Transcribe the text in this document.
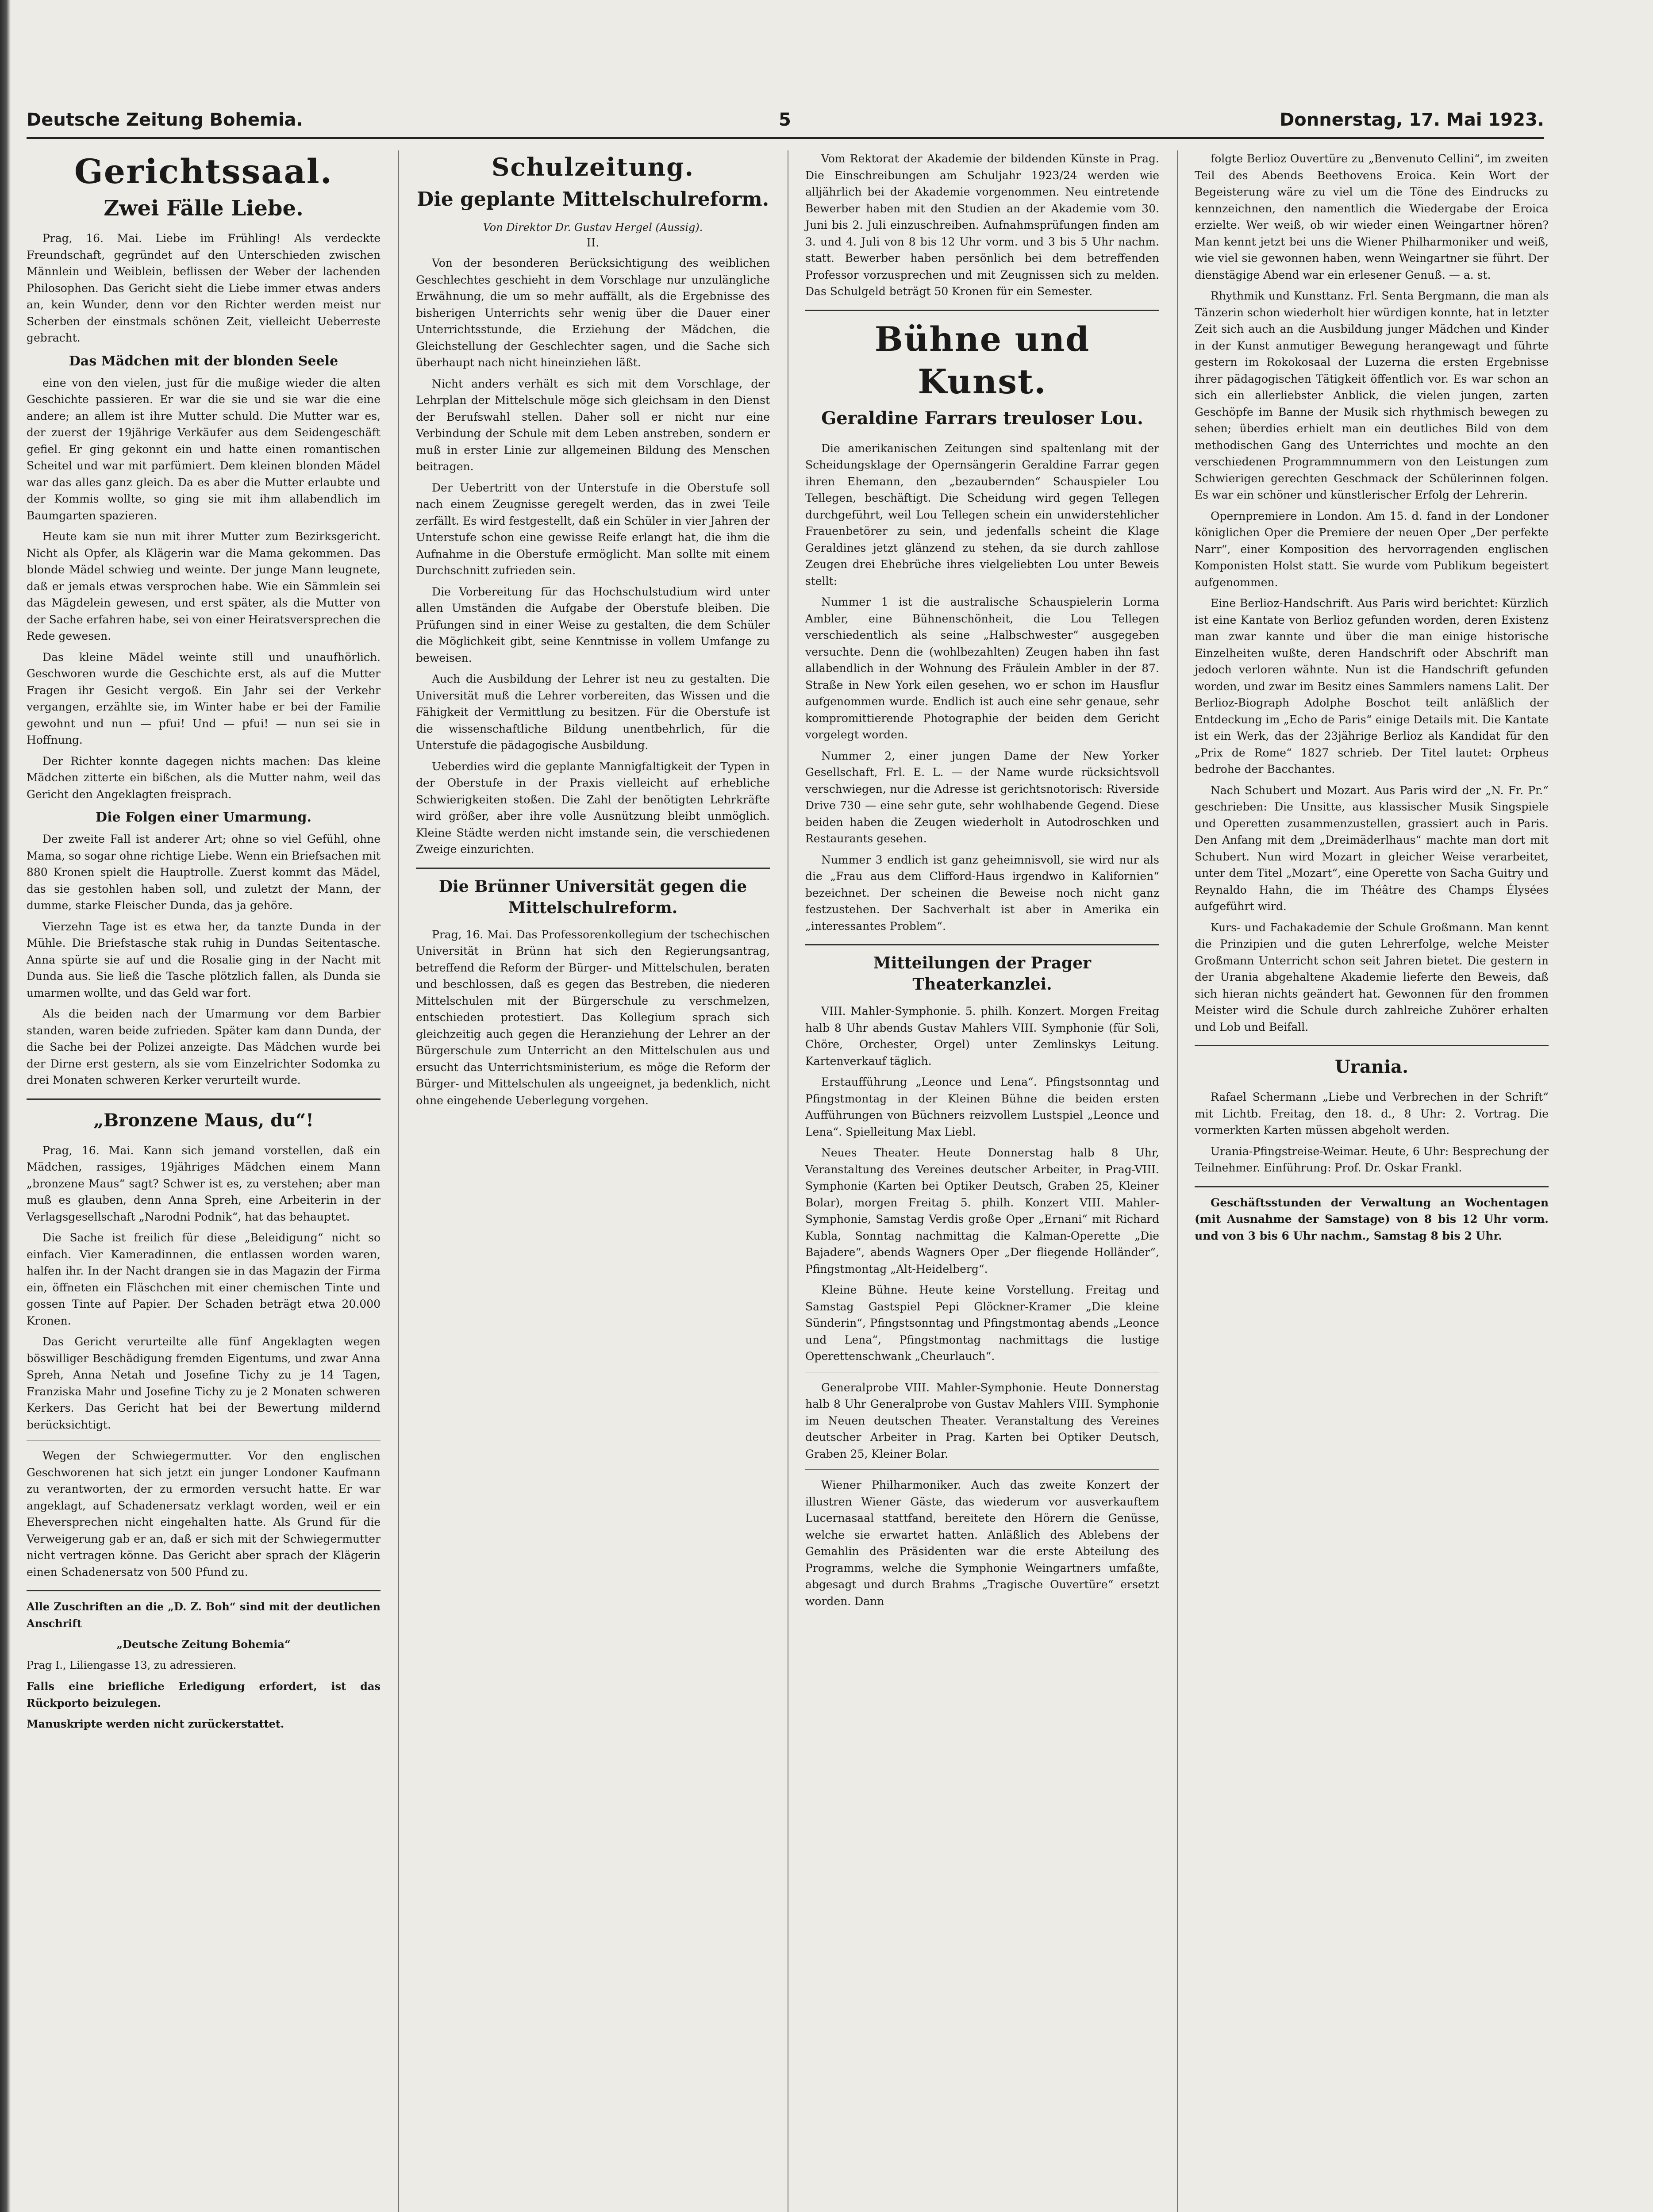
Deutsche Zeitung Bohemia.	5	Donnerstag, 17. Mai 1923.
Gerichtssaal.
Zwei Fälle Liebe.

Prag, 16. Mai. Liebe im Frühling! Als verdeckte Freundschaft, gegründet auf den Unterschieden zwischen Männlein und Weiblein, beflissen der Weber der lachenden Philosophen. Das Gericht sieht die Liebe immer etwas anders an, kein Wunder, denn vor den Richter werden meist nur Scherben der einstmals schönen Zeit, vielleicht Ueberreste gebracht.

Das Mädchen mit der blonden Seele

eine von den vielen, just für die mußige wieder die alten Geschichte passieren. Er war die sie und sie war die eine andere; an allem ist ihre Mutter schuld. Die Mutter war es, der zuerst der 19jährige Verkäufer aus dem Seidengeschäft gefiel. Er ging gekonnt ein und hatte einen romantischen Scheitel und war mit parfümiert. Dem kleinen blonden Mädel war das alles ganz gleich. Da es aber die Mutter erlaubte und der Kommis wollte, so ging sie mit ihm allabendlich im Baumgarten spazieren.

Heute kam sie nun mit ihrer Mutter zum Bezirksgericht. Nicht als Opfer, als Klägerin war die Mama gekommen. Das blonde Mädel schwieg und weinte. Der junge Mann leugnete, daß er jemals etwas versprochen habe. Wie ein Sämmlein sei das Mägdelein gewesen, und erst später, als die Mutter von der Sache erfahren habe, sei von einer Heiratsversprechen die Rede gewesen.

Das kleine Mädel weinte still und unaufhörlich. Geschworen wurde die Geschichte erst, als auf die Mutter Fragen ihr Gesicht vergoß. Ein Jahr sei der Verkehr vergangen, erzählte sie, im Winter habe er bei der Familie gewohnt und nun — pfui! Und — pfui! — nun sei sie in Hoffnung.

Der Richter konnte dagegen nichts machen: Das kleine Mädchen zitterte ein bißchen, als die Mutter nahm, weil das Gericht den Angeklagten freisprach.

Die Folgen einer Umarmung.

Der zweite Fall ist anderer Art; ohne so viel Gefühl, ohne Mama, so sogar ohne richtige Liebe. Wenn ein Briefsachen mit 880 Kronen spielt die Hauptrolle. Zuerst kommt das Mädel, das sie gestohlen haben soll, und zuletzt der Mann, der dumme, starke Fleischer Dunda, das ja gehöre.

Vierzehn Tage ist es etwa her, da tanzte Dunda in der Mühle. Die Briefstasche stak ruhig in Dundas Seitentasche. Anna spürte sie auf und die Rosalie ging in der Nacht mit Dunda aus. Sie ließ die Tasche plötzlich fallen, als Dunda sie umarmen wollte, und das Geld war fort.

Als die beiden nach der Umarmung vor dem Barbier standen, waren beide zufrieden. Später kam dann Dunda, der die Sache bei der Polizei anzeigte. Das Mädchen wurde bei der Dirne erst gestern, als sie vom Einzelrichter Sodomka zu drei Monaten schweren Kerker verurteilt wurde.

„Bronzene Maus, du“!

Prag, 16. Mai. Kann sich jemand vorstellen, daß ein Mädchen, rassiges, 19jähriges Mädchen einem Mann „bronzene Maus“ sagt? Schwer ist es, zu verstehen; aber man muß es glauben, denn Anna Spreh, eine Arbeiterin in der Verlagsgesellschaft „Narodni Podnik“, hat das behauptet.

Die Sache ist freilich für diese „Beleidigung“ nicht so einfach. Vier Kameradinnen, die entlassen worden waren, halfen ihr. In der Nacht drangen sie in das Magazin der Firma ein, öffneten ein Fläschchen mit einer chemischen Tinte und gossen Tinte auf Papier. Der Schaden beträgt etwa 20.000 Kronen.

Das Gericht verurteilte alle fünf Angeklagten wegen böswilliger Beschädigung fremden Eigentums, und zwar Anna Spreh, Anna Netah und Josefine Tichy zu je 14 Tagen, Franziska Mahr und Josefine Tichy zu je 2 Monaten schweren Kerkers. Das Gericht hat bei der Bewertung mildernd berücksichtigt.

Wegen der Schwiegermutter. Vor den englischen Geschworenen hat sich jetzt ein junger Londoner Kaufmann zu verantworten, der zu ermorden versucht hatte. Er war angeklagt, auf Schadenersatz verklagt worden, weil er ein Eheversprechen nicht eingehalten hatte. Als Grund für die Verweigerung gab er an, daß er sich mit der Schwiegermutter nicht vertragen könne. Das Gericht aber sprach der Klägerin einen Schadenersatz von 500 Pfund zu.

Alle Zuschriften an die „D. Z. Boh“ sind mit der deutlichen Anschrift

„Deutsche Zeitung Bohemia“

Prag I., Liliengasse 13, zu adressieren.

Falls eine briefliche Erledigung erfordert, ist das Rückporto beizulegen.

Manuskripte werden nicht zurückerstattet.

Schulzeitung.
Die geplante Mittelschulreform.
Von Direktor Dr. Gustav Hergel (Aussig).
II.

Von der besonderen Berücksichtigung des weiblichen Geschlechtes geschieht in dem Vorschlage nur unzulängliche Erwähnung, die um so mehr auffällt, als die Ergebnisse des bisherigen Unterrichts sehr wenig über die Dauer einer Unterrichtsstunde, die Erziehung der Mädchen, die Gleichstellung der Geschlechter sagen, und die Sache sich überhaupt nach nicht hineinziehen läßt.

Nicht anders verhält es sich mit dem Vorschlage, der Lehrplan der Mittelschule möge sich gleichsam in den Dienst der Berufswahl stellen. Daher soll er nicht nur eine Verbindung der Schule mit dem Leben anstreben, sondern er muß in erster Linie zur allgemeinen Bildung des Menschen beitragen.

Der Uebertritt von der Unterstufe in die Oberstufe soll nach einem Zeugnisse geregelt werden, das in zwei Teile zerfällt. Es wird festgestellt, daß ein Schüler in vier Jahren der Unterstufe schon eine gewisse Reife erlangt hat, die ihm die Aufnahme in die Oberstufe ermöglicht. Man sollte mit einem Durchschnitt zufrieden sein.

Die Vorbereitung für das Hochschulstudium wird unter allen Umständen die Aufgabe der Oberstufe bleiben. Die Prüfungen sind in einer Weise zu gestalten, die dem Schüler die Möglichkeit gibt, seine Kenntnisse in vollem Umfange zu beweisen.

Auch die Ausbildung der Lehrer ist neu zu gestalten. Die Universität muß die Lehrer vorbereiten, das Wissen und die Fähigkeit der Vermittlung zu besitzen. Für die Oberstufe ist die wissenschaftliche Bildung unentbehrlich, für die Unterstufe die pädagogische Ausbildung.

Ueberdies wird die geplante Mannigfaltigkeit der Typen in der Oberstufe in der Praxis vielleicht auf erhebliche Schwierigkeiten stoßen. Die Zahl der benötigten Lehrkräfte wird größer, aber ihre volle Ausnützung bleibt unmöglich. Kleine Städte werden nicht imstande sein, die verschiedenen Zweige einzurichten.

Die Brünner Universität gegen die Mittelschulreform.

Prag, 16. Mai. Das Professorenkollegium der tschechischen Universität in Brünn hat sich den Regierungsantrag, betreffend die Reform der Bürger- und Mittelschulen, beraten und beschlossen, daß es gegen das Bestreben, die niederen Mittelschulen mit der Bürgerschule zu verschmelzen, entschieden protestiert. Das Kollegium sprach sich gleichzeitig auch gegen die Heranziehung der Lehrer an der Bürgerschule zum Unterricht an den Mittelschulen aus und ersucht das Unterrichtsministerium, es möge die Reform der Bürger- und Mittelschulen als ungeeignet, ja bedenklich, nicht ohne eingehende Ueberlegung vorgehen.

Vom Rektorat der Akademie der bildenden Künste in Prag. Die Einschreibungen am Schuljahr 1923/24 werden wie alljährlich bei der Akademie vorgenommen. Neu eintretende Bewerber haben mit den Studien an der Akademie vom 30. Juni bis 2. Juli einzuschreiben. Aufnahmsprüfungen finden am 3. und 4. Juli von 8 bis 12 Uhr vorm. und 3 bis 5 Uhr nachm. statt. Bewerber haben persönlich bei dem betreffenden Professor vorzusprechen und mit Zeugnissen sich zu melden. Das Schulgeld beträgt 50 Kronen für ein Semester.

Bühne und Kunst.
Geraldine Farrars treuloser Lou.

Die amerikanischen Zeitungen sind spaltenlang mit der Scheidungsklage der Opernsängerin Geraldine Farrar gegen ihren Ehemann, den „bezaubernden“ Schauspieler Lou Tellegen, beschäftigt. Die Scheidung wird gegen Tellegen durchgeführt, weil Lou Tellegen schein ein unwiderstehlicher Frauenbetörer zu sein, und jedenfalls scheint die Klage Geraldines jetzt glänzend zu stehen, da sie durch zahllose Zeugen drei Ehebrüche ihres vielgeliebten Lou unter Beweis stellt:

Nummer 1 ist die australische Schauspielerin Lorma Ambler, eine Bühnenschönheit, die Lou Tellegen verschiedentlich als seine „Halbschwester“ ausgegeben versuchte. Denn die (wohlbezahlten) Zeugen haben ihn fast allabendlich in der Wohnung des Fräulein Ambler in der 87. Straße in New York eilen gesehen, wo er schon im Hausflur aufgenommen wurde. Endlich ist auch eine sehr genaue, sehr kompromittierende Photographie der beiden dem Gericht vorgelegt worden.

Nummer 2, einer jungen Dame der New Yorker Gesellschaft, Frl. E. L. — der Name wurde rücksichtsvoll verschwiegen, nur die Adresse ist gerichtsnotorisch: Riverside Drive 730 — eine sehr gute, sehr wohlhabende Gegend. Diese beiden haben die Zeugen wiederholt in Autodroschken und Restaurants gesehen.

Nummer 3 endlich ist ganz geheimnisvoll, sie wird nur als die „Frau aus dem Clifford-Haus irgendwo in Kalifornien“ bezeichnet. Der scheinen die Beweise noch nicht ganz festzustehen. Der Sachverhalt ist aber in Amerika ein „interessantes Problem“.

Mitteilungen der Prager Theaterkanzlei.

VIII. Mahler-Symphonie. 5. philh. Konzert. Morgen Freitag halb 8 Uhr abends Gustav Mahlers VIII. Symphonie (für Soli, Chöre, Orchester, Orgel) unter Zemlinskys Leitung. Kartenverkauf täglich.

Erstaufführung „Leonce und Lena“. Pfingstsonntag und Pfingstmontag in der Kleinen Bühne die beiden ersten Aufführungen von Büchners reizvollem Lustspiel „Leonce und Lena“. Spielleitung Max Liebl.

Neues Theater. Heute Donnerstag halb 8 Uhr, Veranstaltung des Vereines deutscher Arbeiter, in Prag-VIII. Symphonie (Karten bei Optiker Deutsch, Graben 25, Kleiner Bolar), morgen Freitag 5. philh. Konzert VIII. Mahler-Symphonie, Samstag Verdis große Oper „Ernani“ mit Richard Kubla, Sonntag nachmittag die Kalman-Operette „Die Bajadere“, abends Wagners Oper „Der fliegende Holländer“, Pfingstmontag „Alt-Heidelberg“.

Kleine Bühne. Heute keine Vorstellung. Freitag und Samstag Gastspiel Pepi Glöckner-Kramer „Die kleine Sünderin“, Pfingstsonntag und Pfingstmontag abends „Leonce und Lena“, Pfingstmontag nachmittags die lustige Operettenschwank „Cheurlauch“.

Generalprobe VIII. Mahler-Symphonie. Heute Donnerstag halb 8 Uhr Generalprobe von Gustav Mahlers VIII. Symphonie im Neuen deutschen Theater. Veranstaltung des Vereines deutscher Arbeiter in Prag. Karten bei Optiker Deutsch, Graben 25, Kleiner Bolar.

Wiener Philharmoniker. Auch das zweite Konzert der illustren Wiener Gäste, das wiederum vor ausverkauftem Lucernasaal stattfand, bereitete den Hörern die Genüsse, welche sie erwartet hatten. Anläßlich des Ablebens der Gemahlin des Präsidenten war die erste Abteilung des Programms, welche die Symphonie Weingartners umfaßte, abgesagt und durch Brahms „Tragische Ouvertüre“ ersetzt worden. Dann

folgte Berlioz Ouvertüre zu „Benvenuto Cellini“, im zweiten Teil des Abends Beethovens Eroica. Kein Wort der Begeisterung wäre zu viel um die Töne des Eindrucks zu kennzeichnen, den namentlich die Wiedergabe der Eroica erzielte. Wer weiß, ob wir wieder einen Weingartner hören? Man kennt jetzt bei uns die Wiener Philharmoniker und weiß, wie viel sie gewonnen haben, wenn Weingartner sie führt. Der dienstägige Abend war ein erlesener Genuß. — a. st.

Rhythmik und Kunsttanz. Frl. Senta Bergmann, die man als Tänzerin schon wiederholt hier würdigen konnte, hat in letzter Zeit sich auch an die Ausbildung junger Mädchen und Kinder in der Kunst anmutiger Bewegung herangewagt und führte gestern im Rokokosaal der Luzerna die ersten Ergebnisse ihrer pädagogischen Tätigkeit öffentlich vor. Es war schon an sich ein allerliebster Anblick, die vielen jungen, zarten Geschöpfe im Banne der Musik sich rhythmisch bewegen zu sehen; überdies erhielt man ein deutliches Bild von dem methodischen Gang des Unterrichtes und mochte an den verschiedenen Programmnummern von den Leistungen zum Schwierigen gerechten Geschmack der Schülerinnen folgen. Es war ein schöner und künstlerischer Erfolg der Lehrerin.

Opernpremiere in London. Am 15. d. fand in der Londoner königlichen Oper die Premiere der neuen Oper „Der perfekte Narr“, einer Komposition des hervorragenden englischen Komponisten Holst statt. Sie wurde vom Publikum begeistert aufgenommen.

Eine Berlioz-Handschrift. Aus Paris wird berichtet: Kürzlich ist eine Kantate von Berlioz gefunden worden, deren Existenz man zwar kannte und über die man einige historische Einzelheiten wußte, deren Handschrift oder Abschrift man jedoch verloren wähnte. Nun ist die Handschrift gefunden worden, und zwar im Besitz eines Sammlers namens Lalit. Der Berlioz-Biograph Adolphe Boschot teilt anläßlich der Entdeckung im „Echo de Paris“ einige Details mit. Die Kantate ist ein Werk, das der 23jährige Berlioz als Kandidat für den „Prix de Rome“ 1827 schrieb. Der Titel lautet: Orpheus bedrohe der Bacchantes.

Nach Schubert und Mozart. Aus Paris wird der „N. Fr. Pr.“ geschrieben: Die Unsitte, aus klassischer Musik Singspiele und Operetten zusammenzustellen, grassiert auch in Paris. Den Anfang mit dem „Dreimäderlhaus“ machte man dort mit Schubert. Nun wird Mozart in gleicher Weise verarbeitet, unter dem Titel „Mozart“, eine Operette von Sacha Guitry und Reynaldo Hahn, die im Théâtre des Champs Élysées aufgeführt wird.

Kurs- und Fachakademie der Schule Großmann. Man kennt die Prinzipien und die guten Lehrerfolge, welche Meister Großmann Unterricht schon seit Jahren bietet. Die gestern in der Urania abgehaltene Akademie lieferte den Beweis, daß sich hieran nichts geändert hat. Gewonnen für den frommen Meister wird die Schule durch zahlreiche Zuhörer erhalten und Lob und Beifall.

Urania.

Rafael Schermann „Liebe und Verbrechen in der Schrift“ mit Lichtb. Freitag, den 18. d., 8 Uhr: 2. Vortrag. Die vormerkten Karten müssen abgeholt werden.

Urania-Pfingstreise-Weimar. Heute, 6 Uhr: Besprechung der Teilnehmer. Einführung: Prof. Dr. Oskar Frankl.

Geschäftsstunden der Verwaltung an Wochentagen (mit Ausnahme der Samstage) von 8 bis 12 Uhr vorm. und von 3 bis 6 Uhr nachm., Samstag 8 bis 2 Uhr.
